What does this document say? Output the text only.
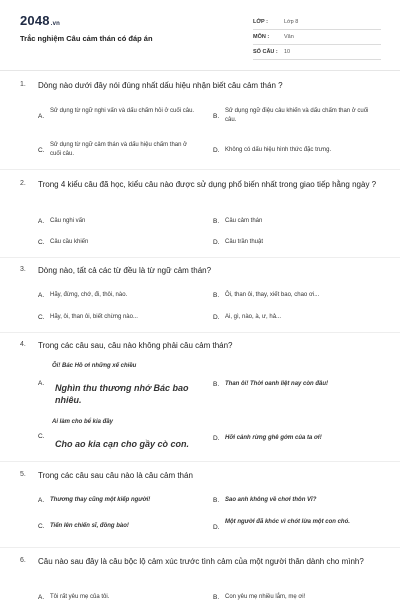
2048.vn
Trắc nghiệm Câu cảm thán có đáp án
LỚP :	Lớp 8
MÔN :	Văn
SỐ CÂU : 10
1. Dòng nào dưới đây nói đúng nhất dấu hiệu nhận biết câu cảm thán ?
A.
Sử dụng từ ngữ nghi vấn và dấu chấm hỏi ở cuối câu.
B.
Sử dụng ngữ điệu câu khiến và dấu chấm than ở cuối câu.
C.
Sử dụng từ ngữ cảm thán và dấu hiệu chấm than ở cuối câu.	D. Không có dấu hiệu hình thức đặc trưng.
2. Trong 4 kiểu câu đã học, kiểu câu nào được sử dụng phổ biến nhất trong giao tiếp hằng ngày ?
A. Câu nghi vấn	B. Câu cảm thán
C. Câu cầu khiến	D. Câu trần thuật
3. Dòng nào, tất cả các từ đều là từ ngữ cảm thán?
A. Hãy, đừng, chớ, đi, thôi, nào.	B. Ôi, than ôi, thay, xiết bao, chao ơi...
C. Hãy, ôi, than ôi, biết chừng nào...	D. Ai, gì, nào, à, ư, hả...
4. Trong các câu sau, câu nào không phải câu cảm thán?
A.
Ôi! Bác Hồ ơi những xế chiều
Nghìn thu thương nhớ Bác bao nhiêu.
B. Than ôi! Thời oanh liệt nay còn đâu!
C.
Ai làm cho bể kia đầy
Cho ao kia cạn cho gầy cò con.
D. Hỡi cảnh rừng ghê gớm của ta ơi!
5. Trong các câu sau câu nào là câu cảm thán
A. Thương thay cũng một kiếp người!	B. Sao anh không về chơi thôn Vĩ?
C. Tiến lên chiến sĩ, đồng bào!	D.
Một người đã khóc vì chót lừa một con chó.
6. Câu nào sau đây là câu bộc lộ cảm xúc trước tình cảm của một người thân dành cho mình?
A. Tôi rất yêu mẹ của tôi.	B. Con yêu mẹ nhiều lắm, mẹ ơi!
